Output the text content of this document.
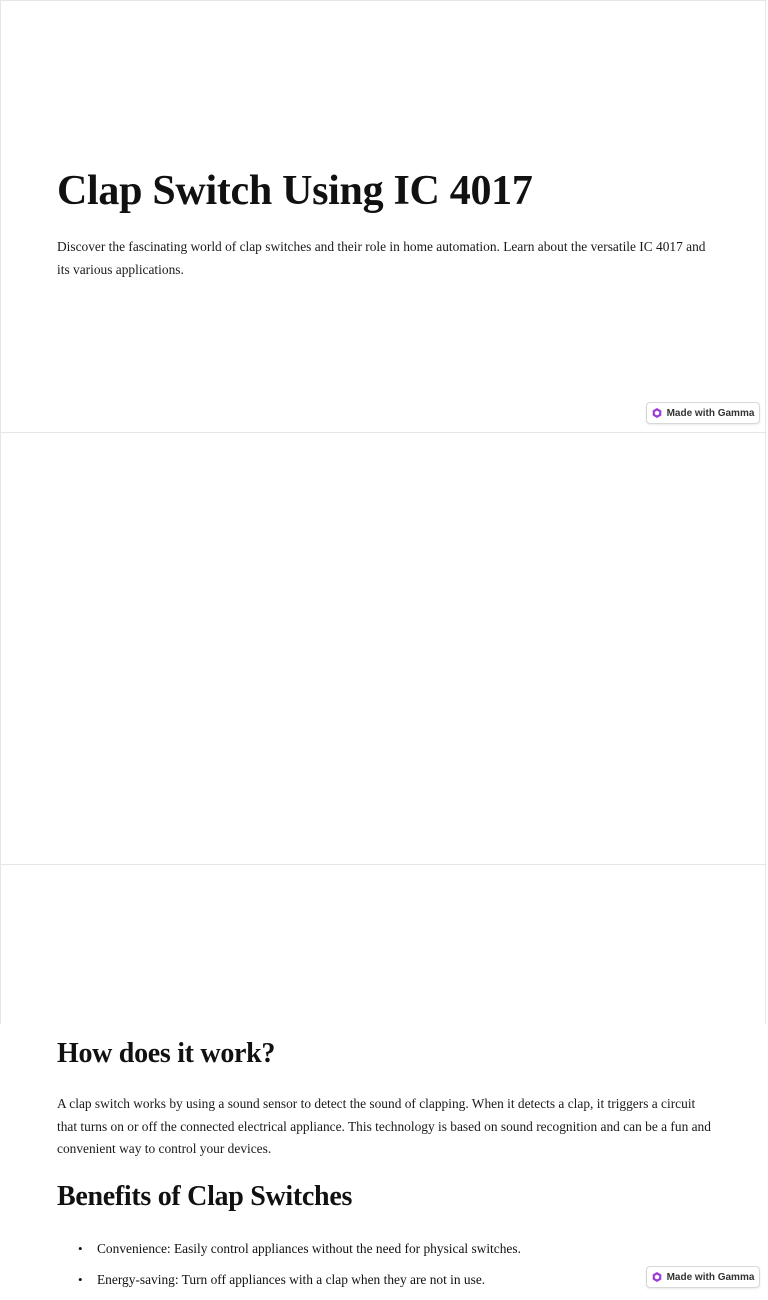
Clap Switch Using IC 4017

Discover the fascinating world of clap switches and their role in home automation. Learn about the versatile IC 4017 and its various applications.

Made with Gamma

How does it work?

A clap switch works by using a sound sensor to detect the sound of clapping. When it detects a clap, it triggers a circuit that turns on or off the connected electrical appliance. This technology is based on sound recognition and can be a fun and convenient way to control your devices.

Benefits of Clap Switches
• Convenience: Easily control appliances without the need for physical switches.
• Energy-saving: Turn off appliances with a clap when they are not in use.	Made with Gamma
